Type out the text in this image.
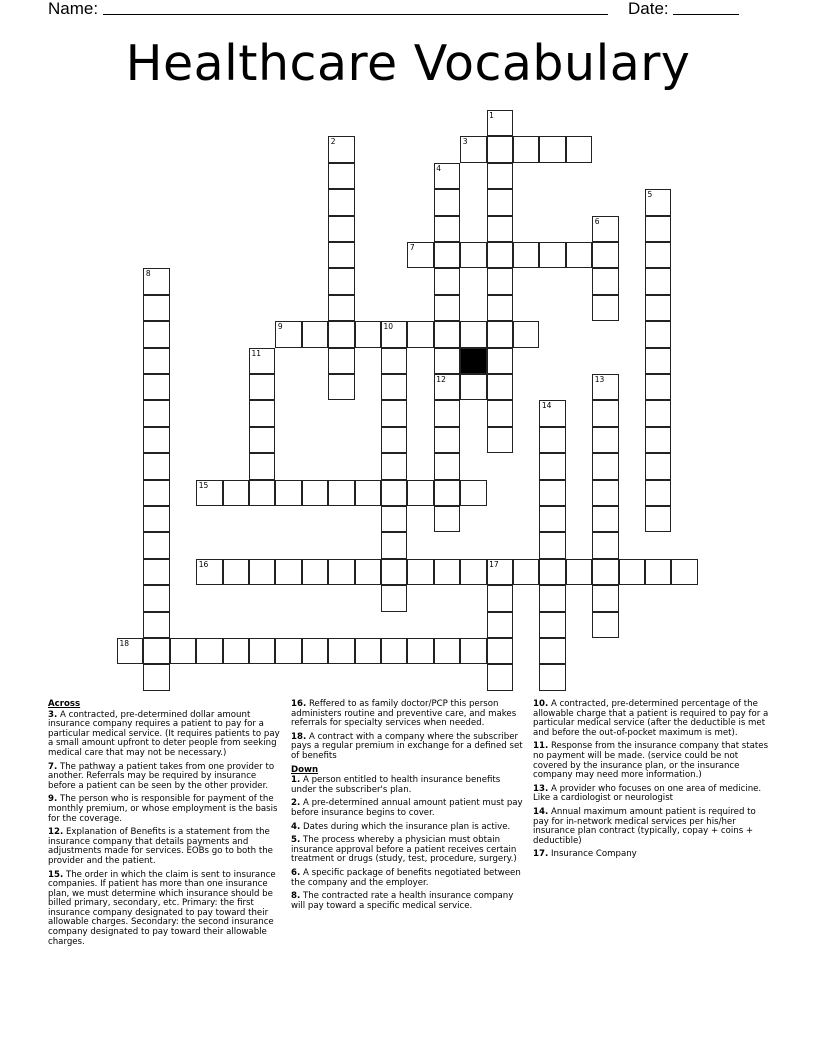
Name:	Date:
Healthcare Vocabulary
1
2	3
4
12
5
6
7
8
9	10
11
13
14
15
16	17
18
Across
3. A contracted, pre-determined dollar amount insurance company requires a patient to pay for a particular medical service. (It requires patients to pay a small amount upfront to deter people from seeking medical care that may not be necessary.)
7. The pathway a patient takes from one provider to another. Referrals may be required by insurance before a patient can be seen by the other provider.
9. The person who is responsible for payment of the monthly premium, or whose employment is the basis for the coverage.
12. Explanation of Benefits is a statement from the insurance company that details payments and adjustments made for services. EOBs go to both the provider and the patient.
15. The order in which the claim is sent to insurance companies. If patient has more than one insurance plan, we must determine which insurance should be billed primary, secondary, etc. Primary: the first insurance company designated to pay toward their allowable charges. Secondary: the second insurance company designated to pay toward their allowable charges.
16. Reffered to as family doctor/PCP this person administers routine and preventive care, and makes referrals for specialty services when needed.
18. A contract with a company where the subscriber pays a regular premium in exchange for a defined set of benefits
Down
1. A person entitled to health insurance benefits under the subscriber's plan.
2. A pre-determined annual amount patient must pay before insurance begins to cover.
4. Dates during which the insurance plan is active.
5. The process whereby a physician must obtain insurance approval before a patient receives certain treatment or drugs (study, test, procedure, surgery.)
6. A specific package of benefits negotiated between the company and the employer.
8. The contracted rate a health insurance company will pay toward a specific medical service.
10. A contracted, pre-determined percentage of the allowable charge that a patient is required to pay for a particular medical service (after the deductible is met and before the out-of-pocket maximum is met).
11. Response from the insurance company that states no payment will be made. (service could be not covered by the insurance plan, or the insurance company may need more information.)
13. A provider who focuses on one area of medicine. Like a cardiologist or neurologist
14. Annual maximum amount patient is required to pay for in-network medical services per his/her insurance plan contract (typically, copay + coins + deductible)
17. Insurance Company
